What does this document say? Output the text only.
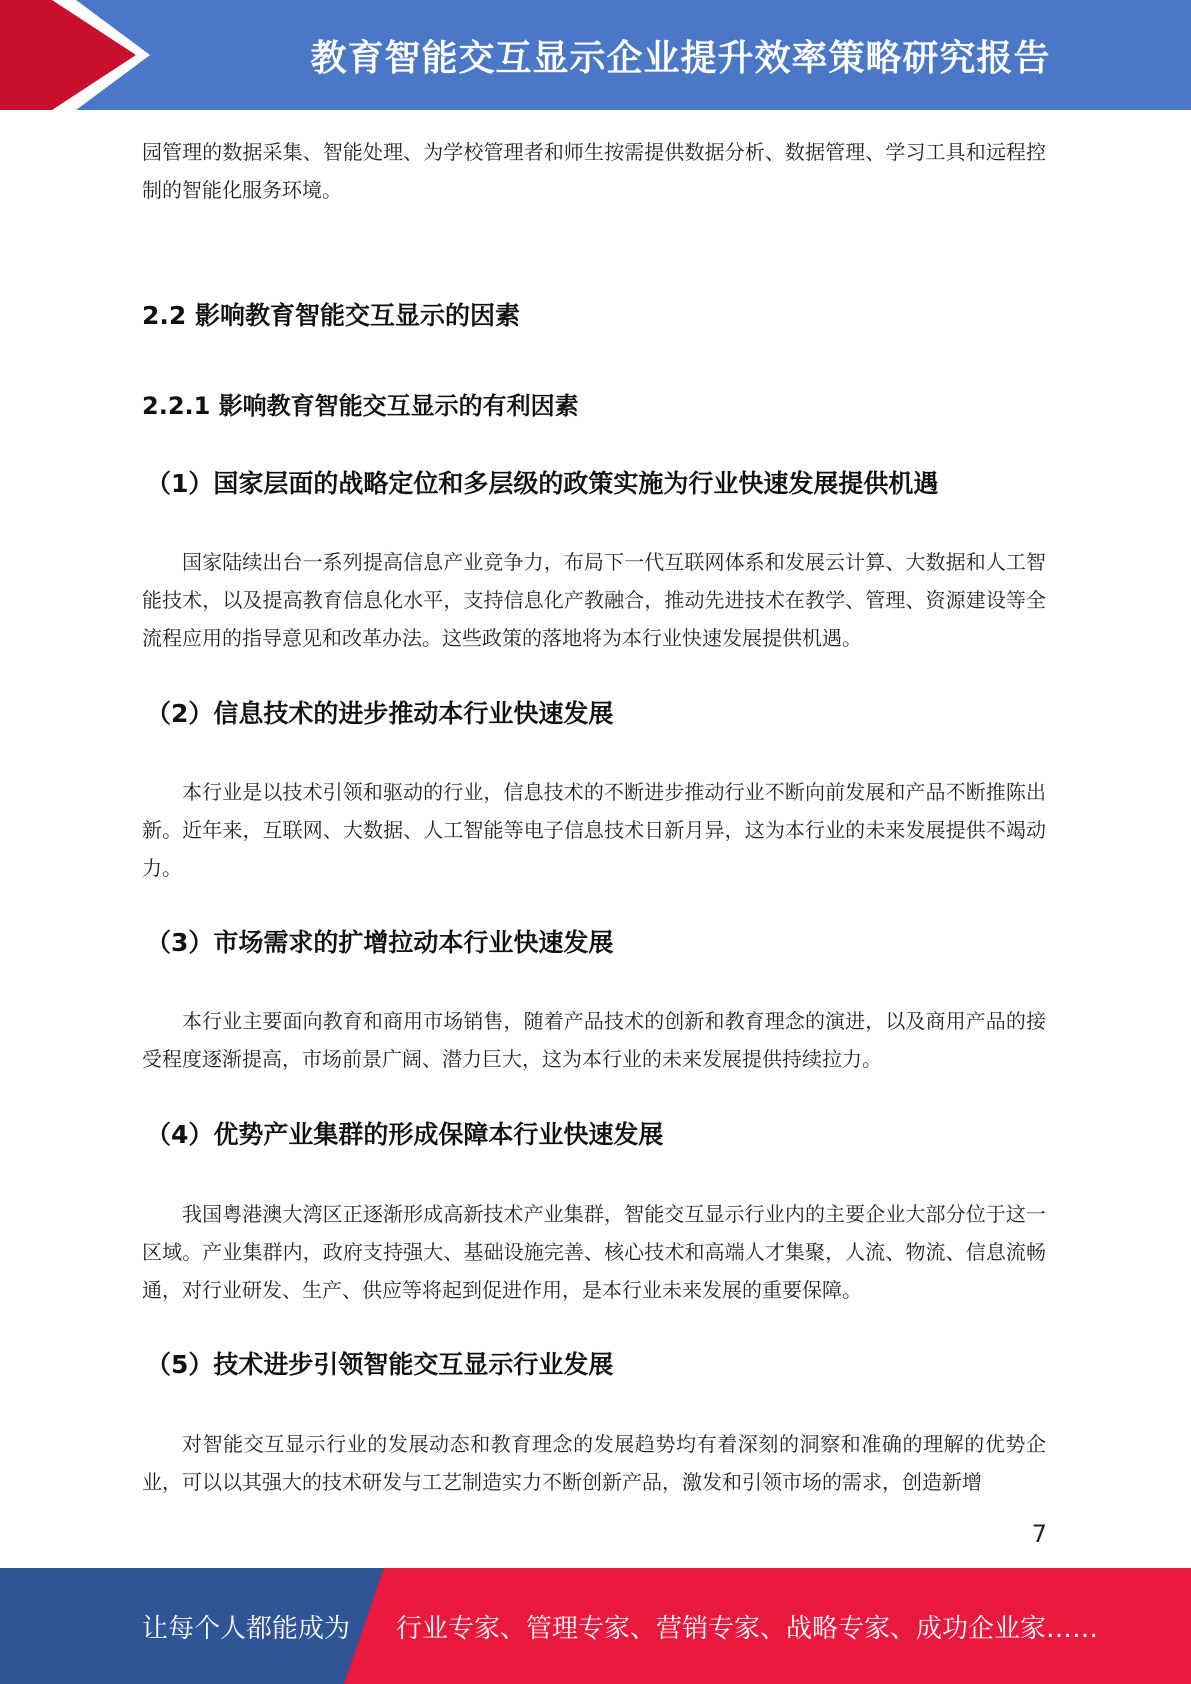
教育智能交互显示企业提升效率策略研究报告

园管理的数据采集、智能处理、为学校管理者和师生按需提供数据分析、数据管理、学习工具和远程控制的智能化服务环境。

2.2 影响教育智能交互显示的因素
2.2.1 影响教育智能交互显示的有利因素
（1）国家层面的战略定位和多层级的政策实施为行业快速发展提供机遇

国家陆续出台一系列提高信息产业竞争力，布局下一代互联网体系和发展云计算、大数据和人工智能技术，以及提高教育信息化水平，支持信息化产教融合，推动先进技术在教学、管理、资源建设等全流程应用的指导意见和改革办法。这些政策的落地将为本行业快速发展提供机遇。

（2）信息技术的进步推动本行业快速发展

本行业是以技术引领和驱动的行业，信息技术的不断进步推动行业不断向前发展和产品不断推陈出新。近年来，互联网、大数据、人工智能等电子信息技术日新月异，这为本行业的未来发展提供不竭动力。

（3）市场需求的扩增拉动本行业快速发展

本行业主要面向教育和商用市场销售，随着产品技术的创新和教育理念的演进，以及商用产品的接受程度逐渐提高，市场前景广阔、潜力巨大，这为本行业的未来发展提供持续拉力。

（4）优势产业集群的形成保障本行业快速发展

我国粤港澳大湾区正逐渐形成高新技术产业集群，智能交互显示行业内的主要企业大部分位于这一区域。产业集群内，政府支持强大、基础设施完善、核心技术和高端人才集聚，人流、物流、信息流畅通，对行业研发、生产、供应等将起到促进作用，是本行业未来发展的重要保障。

（5）技术进步引领智能交互显示行业发展

对智能交互显示行业的发展动态和教育理念的发展趋势均有着深刻的洞察和准确的理解的优势企业，可以以其强大的技术研发与工艺制造实力不断创新产品，激发和引领市场的需求，创造新增

7
让每个人都能成为 行业专家、管理专家、营销专家、战略专家、成功企业家……
